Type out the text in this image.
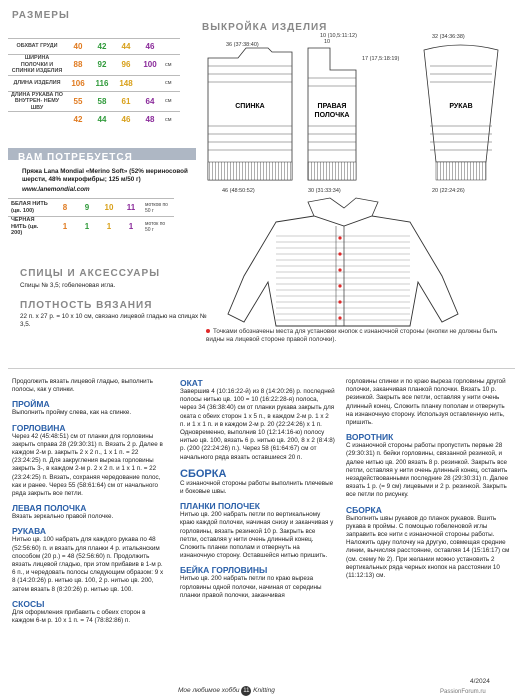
РАЗМЕРЫ
ОБХВАТ ГРУДИ	40	42	44	46	
ШИРИНА ПОЛОЧКИ И СПИНКИ ИЗДЕЛИЯ	88	92	96	100	см
ДЛИНА ИЗДЕЛИЯ	106	116	148		см
ДЛИНА РУКАВА ПО ВНУТРЕН- НЕМУ ШВУ	55	58	61	64	см
	42	44	46	48	см
ВАМ ПОТРЕБУЕТСЯ
Пряжа Lana Mondial «Merino Soft» (52% мериносовой шерсти, 48% микрофибры; 125 м/50 г)
www.lanemondial.com
БЕЛАЯ НИТЬ (цв. 100)	8	9	10	11	мотков по 50 г
ЧЕРНАЯ НИТЬ (цв. 200)	1	1	1	1	моток по 50 г
СПИЦЫ И АКСЕССУАРЫ
Спицы № 3,5; гобеленовая игла.
ПЛОТНОСТЬ ВЯЗАНИЯ
22 п. х 27 р. = 10 х 10 см, связано лицевой гладью на спицах № 3,5.
ВЫКРОЙКА ИЗДЕЛИЯ
СПИНКА
36 (37:38:40)
46 (48:50:52)
ПРАВАЯ
ПОЛОЧКА
10 (10,5:11:12)
10
17 (17,5:18:19)
30 (31:33:34)
РУКАВ
32 (34:36:38)
20 (22:24:26)
Точками обозначены места для установки кнопок с изнаночной стороны (кнопки не должны быть видны на лицевой стороне правой полочки).

Продолжить вязать лицевой гладью, выполнить полосы, как у спинки.

ПРОЙМА

Выполнить пройму слева, как на спинке.

ГОРЛОВИНА

Через 42 (45:48:51) см от планки для горловины закрыть справа 28 (29:30:31) п. Вязать 2 р. Далее в каждом 2-м р. закрыть 2 х 2 п., 1 х 1 п. = 22 (23:24:25) п. Для закругления выреза горловины закрыть 3-, в каждом 2-м р. 2 х 2 п. и 1 х 1 п. = 22 (23:24:25) п. Вязать, сохраняя чередование полос, как и ранее. Через 55 (58:61:64) см от начального ряда закрыть все петли.

ЛЕВАЯ ПОЛОЧКА

Вязать зеркально правой полочке.

РУКАВА

Нитью цв. 100 набрать для каждого рукава по 48 (52:56:60) п. и вязать для планки 4 р. итальянским способом (20 р.) = 48 (52:56:60) п. Продолжить вязать лицевой гладью, при этом прибавив в 1-м р. 6 п., и чередовать полосы следующим образом: 9 х 8 (14:20:26) р. нитью цв. 100, 2 р. нитью цв. 200, затем вязать 8 (8:20:26) р. нитью цв. 100.

СКОСЫ

Для оформления прибавить с обеих сторон в каждом 6-м р. 10 х 1 п. = 74 (78:82:86) п.

ОКАТ

Завершив 4 (10:16:22-й) из 8 (14:20:26) р. последней полосы нитью цв. 100 = 10 (16:22:28-я) полоса, через 34 (36:38:40) см от планки рукава закрыть для оката с обеих сторон 1 х 5 п., в каждом 2-м р. 1 х 2 п. и 1 х 1 п. и в каждом 2-м р. 20 (22:24:26) х 1 п. Одновременно, выполнив 10 (12:14:16-ю) полосу нитью цв. 100, вязать 6 р. нитью цв. 200, 8 х 2 (8:4:8) р. (200 (22:24:26) п.). Через 58 (61:64:67) см от начального ряда вязать оставшиеся 20 п.

СБОРКА

С изнаночной стороны работы выполнить плечевые и боковые швы.

ПЛАНКИ ПОЛОЧЕК

Нитью цв. 200 набрать петли по вертикальному краю каждой полочки, начиная снизу и заканчивая у горловины, вязать резинкой 10 р. Закрыть все петли, оставляя у нити очень длинный конец. Сложить планки пополам и отвернуть на изнаночную сторону. Оставшейся нитью пришить.

БЕЙКА ГОРЛОВИНЫ

Нитью цв. 200 набрать петли по краю выреза горловины одной полочки, начиная от середины планки правой полочки, заканчивая

горловины спинки и по краю выреза горловины другой полочки, заканчивая планкой полочки. Вязать 10 р. резинкой. Закрыть все петли, оставляя у нити очень длинный конец. Сложить планку пополам и отвернуть на изнаночную сторону. Используя оставленную нить, пришить.

ВОРОТНИК

С изнаночной стороны работы пропустить первые 28 (29:30:31) п. бейки горловины, связанной резинкой, и далее нитью цв. 200 вязать 8 р. резинкой. Закрыть все петли, оставляя у нити очень длинный конец, оставить незадействованными последние 28 (29:30:31) п. Далее вязать 1 р. (= 9 см) лицевыми и 2 р. резинкой. Закрыть все петли по рисунку.

СБОРКА

Выполнить швы рукавов до планок рукавов. Вшить рукава в проймы. С помощью гобеленовой иглы заправить все нити с изнаночной стороны работы. Наложить одну полочку на другую, совмещая средние линии, вычисляя расстояние, оставляя 14 (15:16:17) см (см. схему № 2). При желании можно установить 2 вертикальных ряда черных кнопок на расстоянии 10 (11:12:13) см.

Мое любимое хобби 11 Knitting
4/2024
PassionForum.ru
